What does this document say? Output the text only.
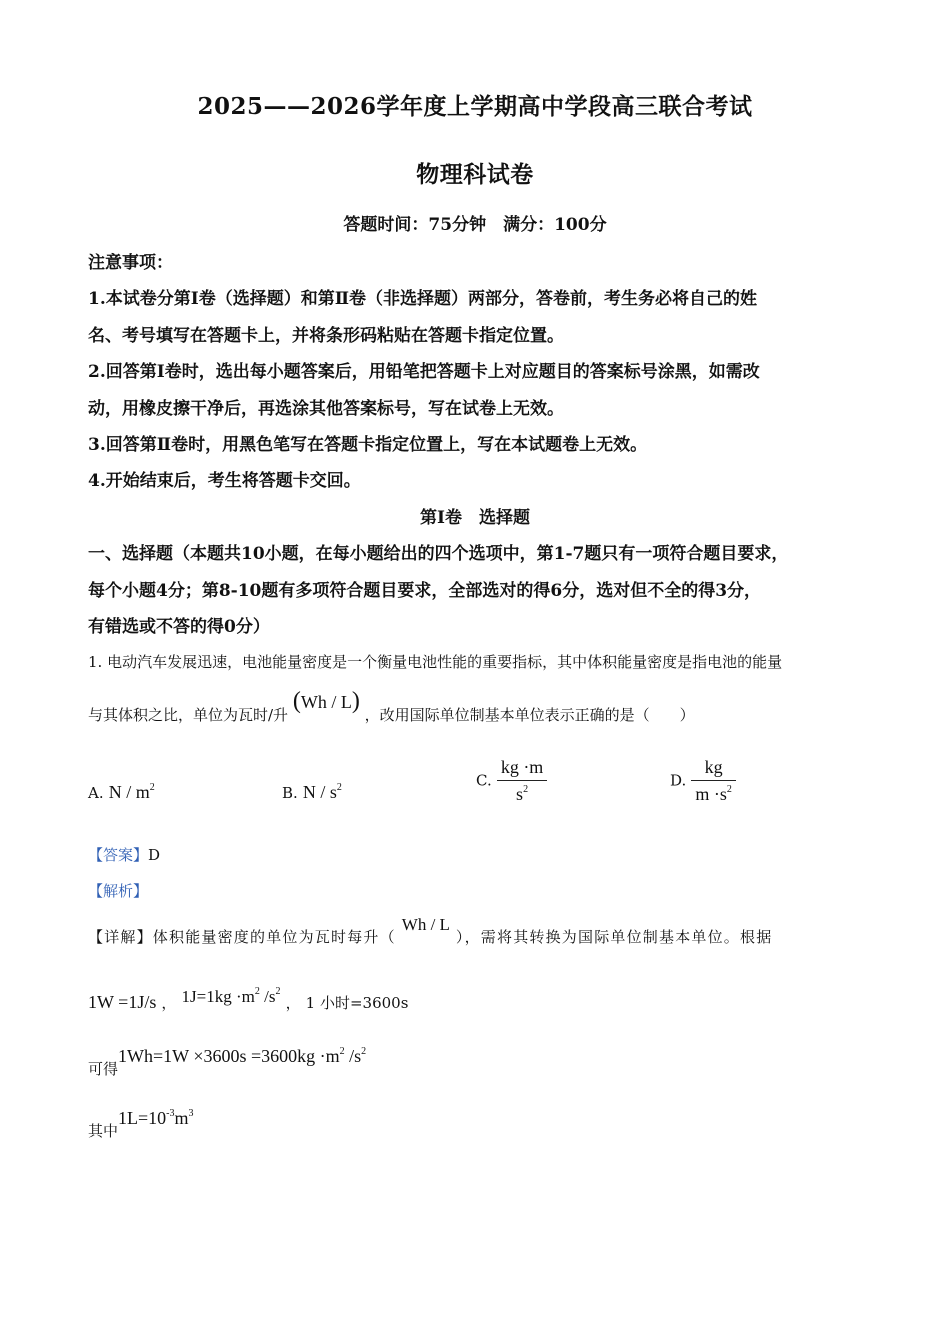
2025——2026学年度上学期高中学段高三联合考试
物理科试卷
答题时间：75分钟　满分：100分
注意事项：
1.本试卷分第Ⅰ卷（选择题）和第Ⅱ卷（非选择题）两部分，答卷前，考生务必将自己的姓
名、考号填写在答题卡上，并将条形码粘贴在答题卡指定位置。
2.回答第Ⅰ卷时，选出每小题答案后，用铅笔把答题卡上对应题目的答案标号涂黑，如需改
动，用橡皮擦干净后，再选涂其他答案标号，写在试卷上无效。
3.回答第Ⅱ卷时，用黑色笔写在答题卡指定位置上，写在本试题卷上无效。
4.开始结束后，考生将答题卡交回。
第Ⅰ卷　选择题
一、选择题（本题共10小题，在每小题给出的四个选项中，第1-7题只有一项符合题目要求，
每个小题4分；第8-10题有多项符合题目要求，全部选对的得6分，选对但不全的得3分，
有错选或不答的得0分）
1. 电动汽车发展迅速，电池能量密度是一个衡量电池性能的重要指标，其中体积能量密度是指电池的能量
与其体积之比，单位为瓦时/升 (Wh / L) ，改用国际单位制基本单位表示正确的是（　　）
A. N / $m^2$	B. N / $s^2$	C. $\frac{kg \cdot m}{s^2}$	D. $\frac{kg}{m \cdot s^2}$
【答案】D
【解析】
【详解】体积能量密度的单位为瓦时每升（ Wh / L ），需将其转换为国际单位制基本单位。根据
1W =1J/s ， $1J=1kg \cdot m^2$ $/s^2$ ， 1 小时=3600s
可得$1Wh=1W \times 3600s =3600kg \cdot m^2$ $/s^2$
其中$1L=10^{-3}m^3$
